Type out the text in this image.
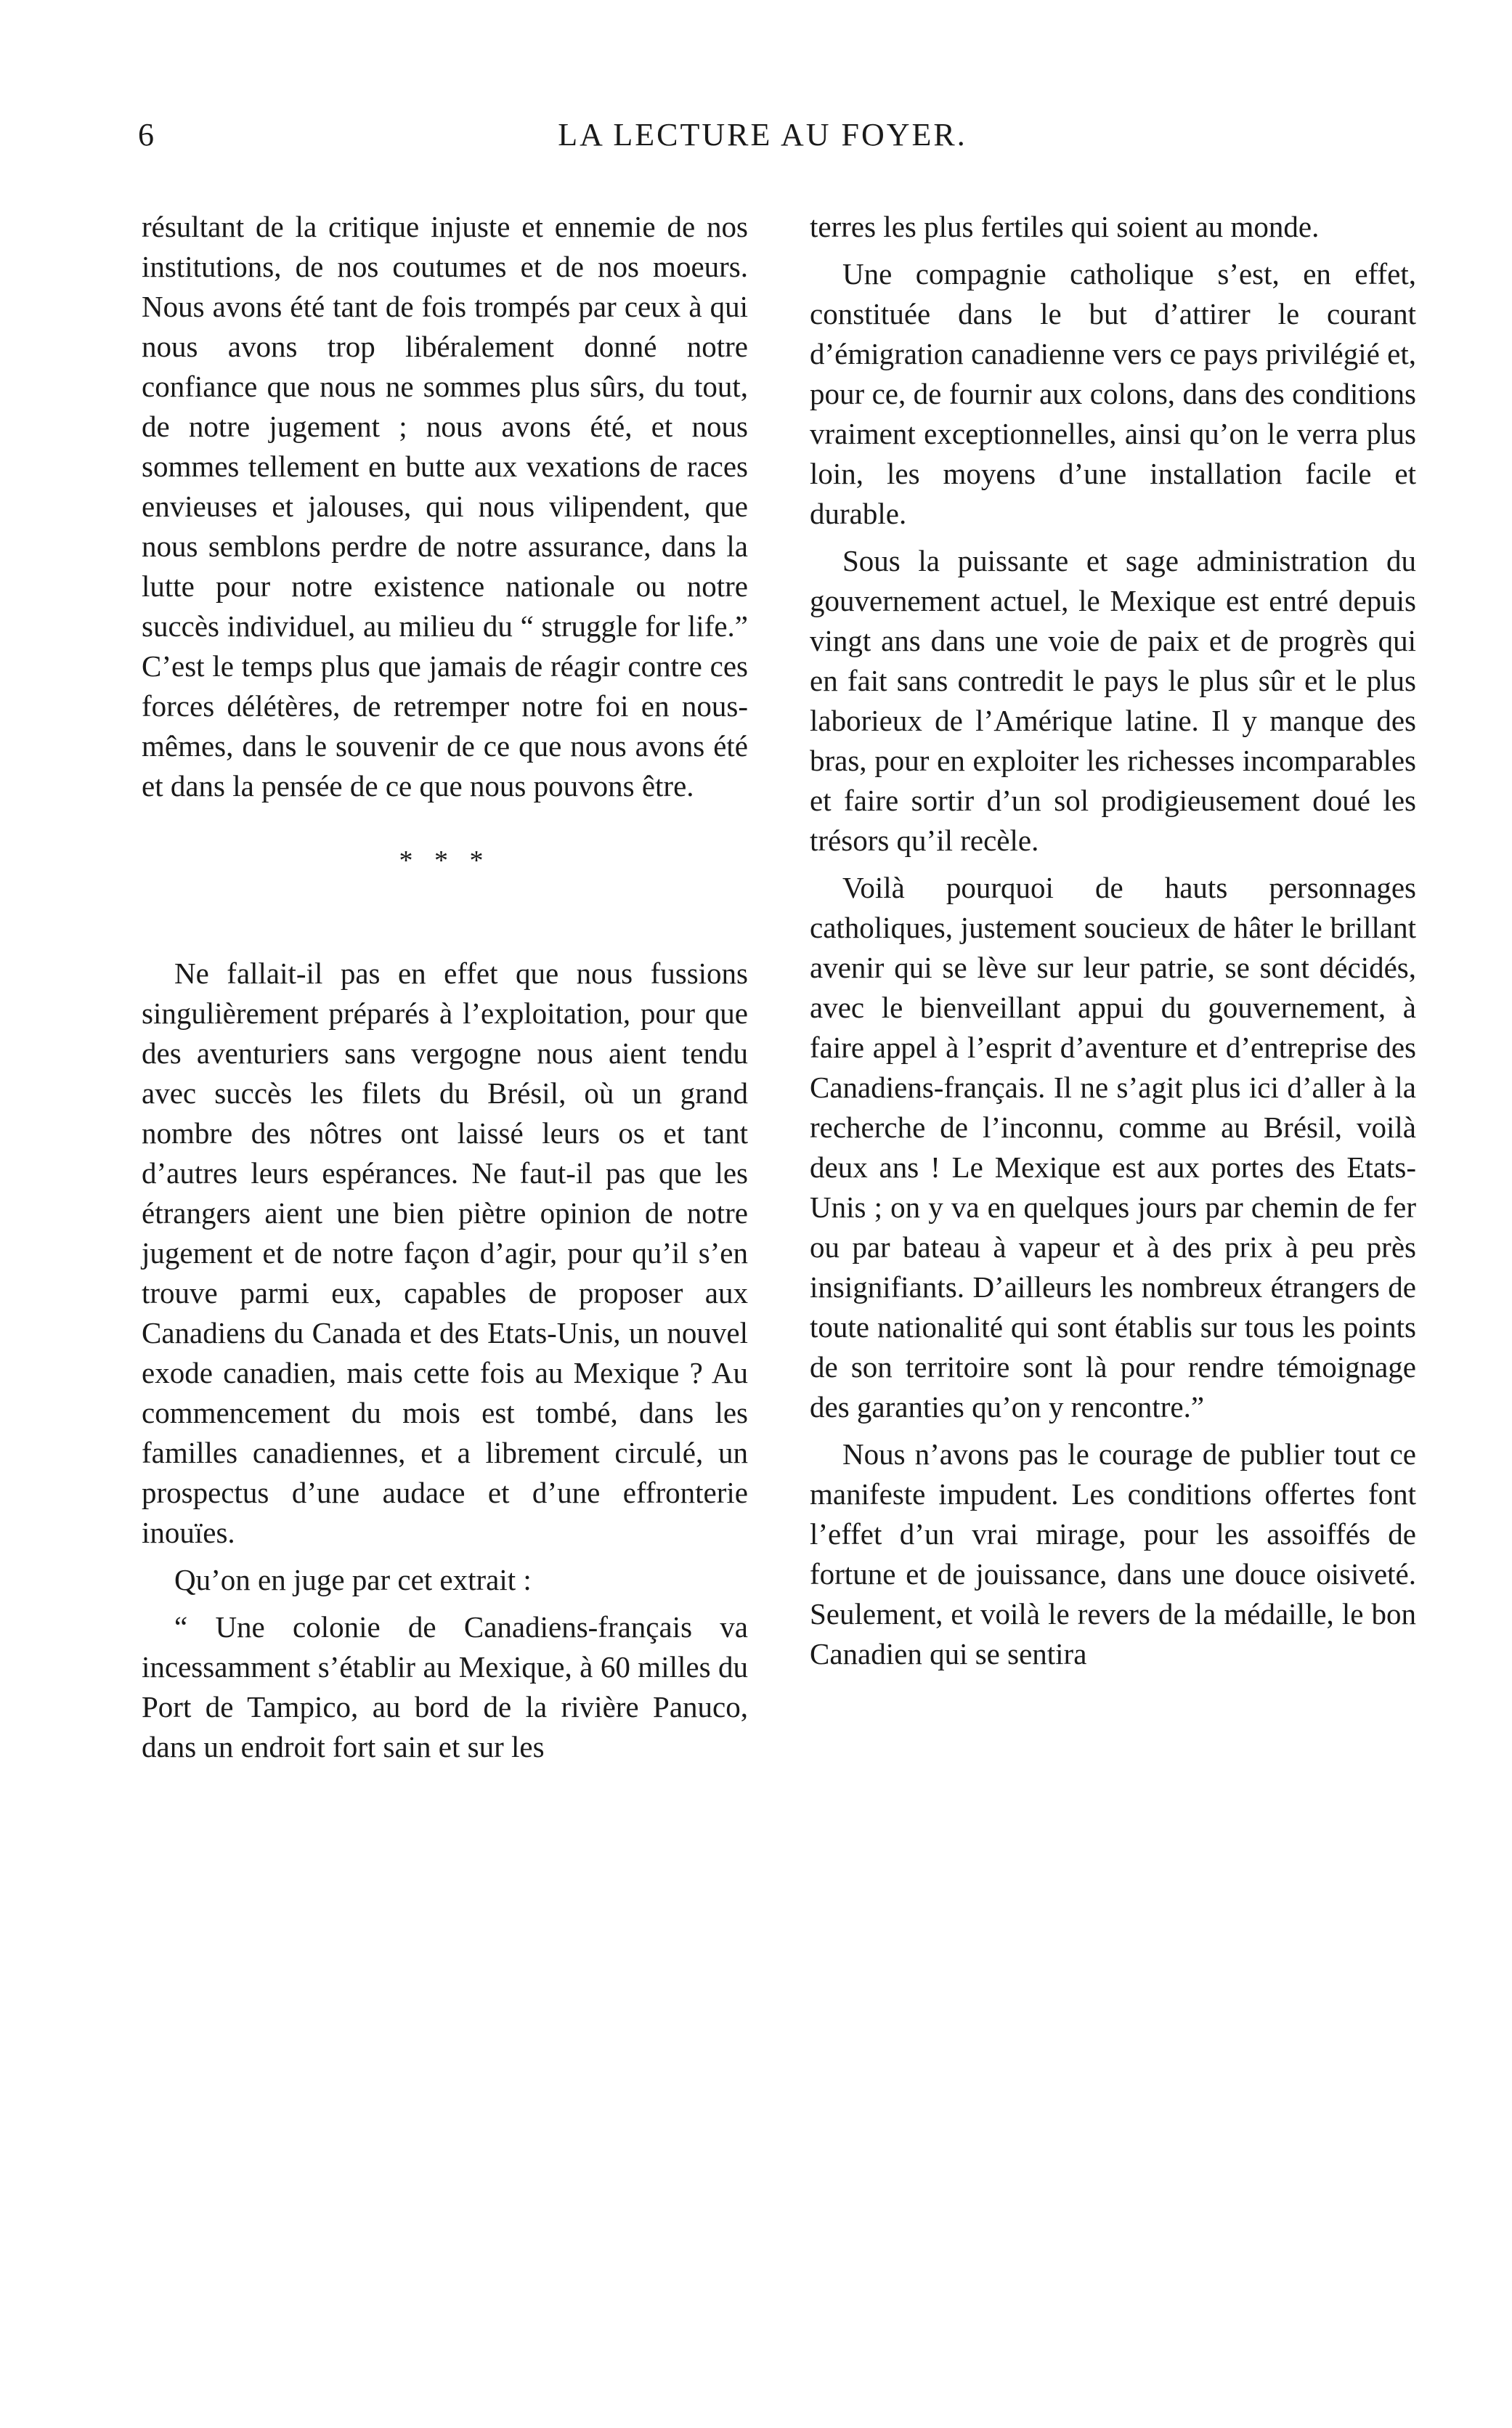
6	LA LECTURE AU FOYER.

résultant de la critique injuste et ennemie de nos institutions, de nos coutumes et de nos moeurs. Nous avons été tant de fois trompés par ceux à qui nous avons trop libéralement donné notre confiance que nous ne sommes plus sûrs, du tout, de notre jugement ; nous avons été, et nous sommes tellement en butte aux vexations de races envieuses et jalouses, qui nous vilipendent, que nous semblons perdre de notre assurance, dans la lutte pour notre existence nationale ou notre succès individuel, au milieu du “ struggle for life.” C’est le temps plus que jamais de réagir contre ces forces délétères, de retremper notre foi en nous-mêmes, dans le souvenir de ce que nous avons été et dans la pensée de ce que nous pouvons être.

* * *

Ne fallait-il pas en effet que nous fussions singulièrement préparés à l’exploitation, pour que des aventuriers sans vergogne nous aient tendu avec succès les filets du Brésil, où un grand nombre des nôtres ont laissé leurs os et tant d’autres leurs espérances. Ne faut-il pas que les étrangers aient une bien piètre opinion de notre jugement et de notre façon d’agir, pour qu’il s’en trouve parmi eux, capables de proposer aux Canadiens du Canada et des Etats-Unis, un nouvel exode canadien, mais cette fois au Mexique ? Au commencement du mois est tombé, dans les familles canadiennes, et a librement circulé, un prospectus d’une audace et d’une effronterie inouïes.

Qu’on en juge par cet extrait :

“ Une colonie de Canadiens-français va incessamment s’établir au Mexique, à 60 milles du Port de Tampico, au bord de la rivière Panuco, dans un endroit fort sain et sur les

terres les plus fertiles qui soient au monde.

Une compagnie catholique s’est, en effet, constituée dans le but d’attirer le courant d’émigration canadienne vers ce pays privilégié et, pour ce, de fournir aux colons, dans des conditions vraiment exceptionnelles, ainsi qu’on le verra plus loin, les moyens d’une installation facile et durable.

Sous la puissante et sage administration du gouvernement actuel, le Mexique est entré depuis vingt ans dans une voie de paix et de progrès qui en fait sans contredit le pays le plus sûr et le plus laborieux de l’Amérique latine. Il y manque des bras, pour en exploiter les richesses incomparables et faire sortir d’un sol prodigieusement doué les trésors qu’il recèle.

Voilà pourquoi de hauts personnages catholiques, justement soucieux de hâter le brillant avenir qui se lève sur leur patrie, se sont décidés, avec le bienveillant appui du gouvernement, à faire appel à l’esprit d’aventure et d’entreprise des Canadiens-français. Il ne s’agit plus ici d’aller à la recherche de l’inconnu, comme au Brésil, voilà deux ans ! Le Mexique est aux portes des Etats-Unis ; on y va en quelques jours par chemin de fer ou par bateau à vapeur et à des prix à peu près insignifiants. D’ailleurs les nombreux étrangers de toute nationalité qui sont établis sur tous les points de son territoire sont là pour rendre témoignage des garanties qu’on y rencontre.”

Nous n’avons pas le courage de publier tout ce manifeste impudent. Les conditions offertes font l’effet d’un vrai mirage, pour les assoiffés de fortune et de jouissance, dans une douce oisiveté. Seulement, et voilà le revers de la médaille, le bon Canadien qui se sentira
